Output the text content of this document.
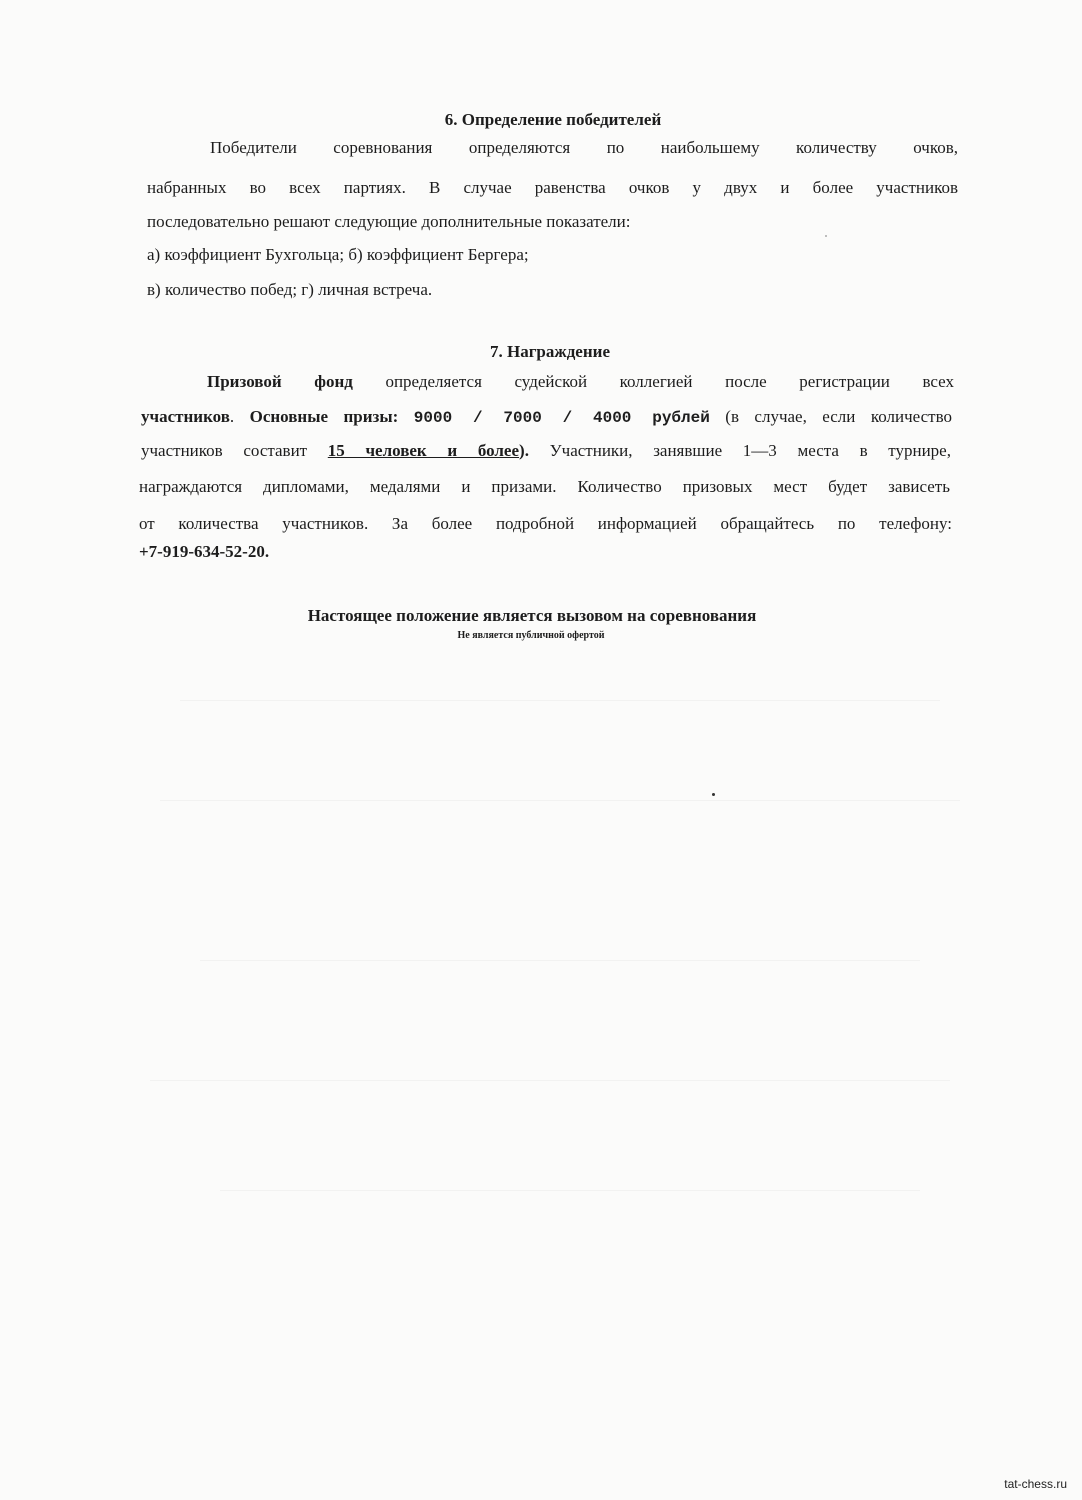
6. Определение победителей
Победители соревнования определяются по наибольшему количеству очков,
набранных во всех партиях. В случае равенства очков у двух и более участников
последовательно решают следующие дополнительные показатели:
а) коэффициент Бухгольца; б) коэффициент Бергера;
в) количество побед; г) личная встреча.
7. Награждение
Призовой фонд определяется судейской коллегией после регистрации всех
участников. Основные призы: 9000 / 7000 / 4000 рублей (в случае, если количество
участников составит 15 человек и более). Участники, занявшие 1—3 места в турнире,
награждаются дипломами, медалями и призами. Количество призовых мест будет зависеть
от количества участников. За более подробной информацией обращайтесь по телефону:
+7-919-634-52-20.
Настоящее положение является вызовом на соревнования
Не является публичной офертой
tat-chess.ru
